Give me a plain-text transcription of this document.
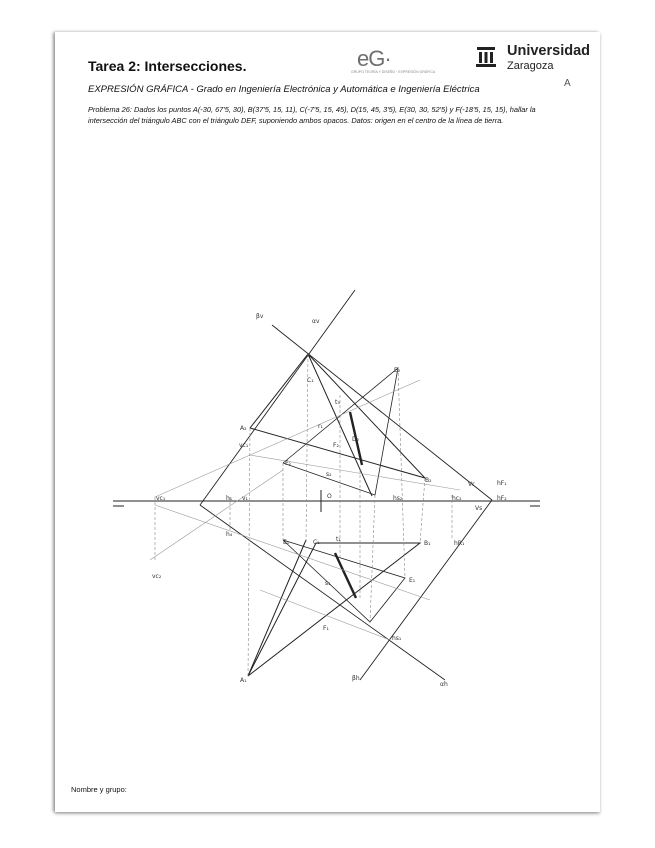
Tarea 2: Intersecciones.	eG·
GRUPO TEORÍA Y DISEÑO · EXPRESIÓN GRÁFICA
Universidad
Zaragoza
EXPRESIÓN GRÁFICA - Grado en Ingeniería Electrónica y Automática e Ingeniería Eléctrica
A
Problema 26: Dados los puntos A(-30, 67'5, 30), B(37'5, 15, 11), C(-7'5, 15, 45), D(15, 45, 3'5), E(30, 30, 52'5) y F(-18'5, 15, 15), hallar la intersección del triángulo ABC con el triángulo DEF, suponiendo ambos opacos. Datos: origen en el centro de la línea de tierra.
Nombre y grupo:
βv
αv
C₁
E₂
t₃
A₂	r₁
F₂
D₂
vc₁
F₂
s₂
B₂
Vr	hF₁
hF₂
vc₁	h₁ v₁	O	hs₂	hc₂
Vs
h₄
E₁	C₁	t₁
B₁	hR₁
s₁	E₁
vc₂
F₁
hs₁
A₁	βh
αh
